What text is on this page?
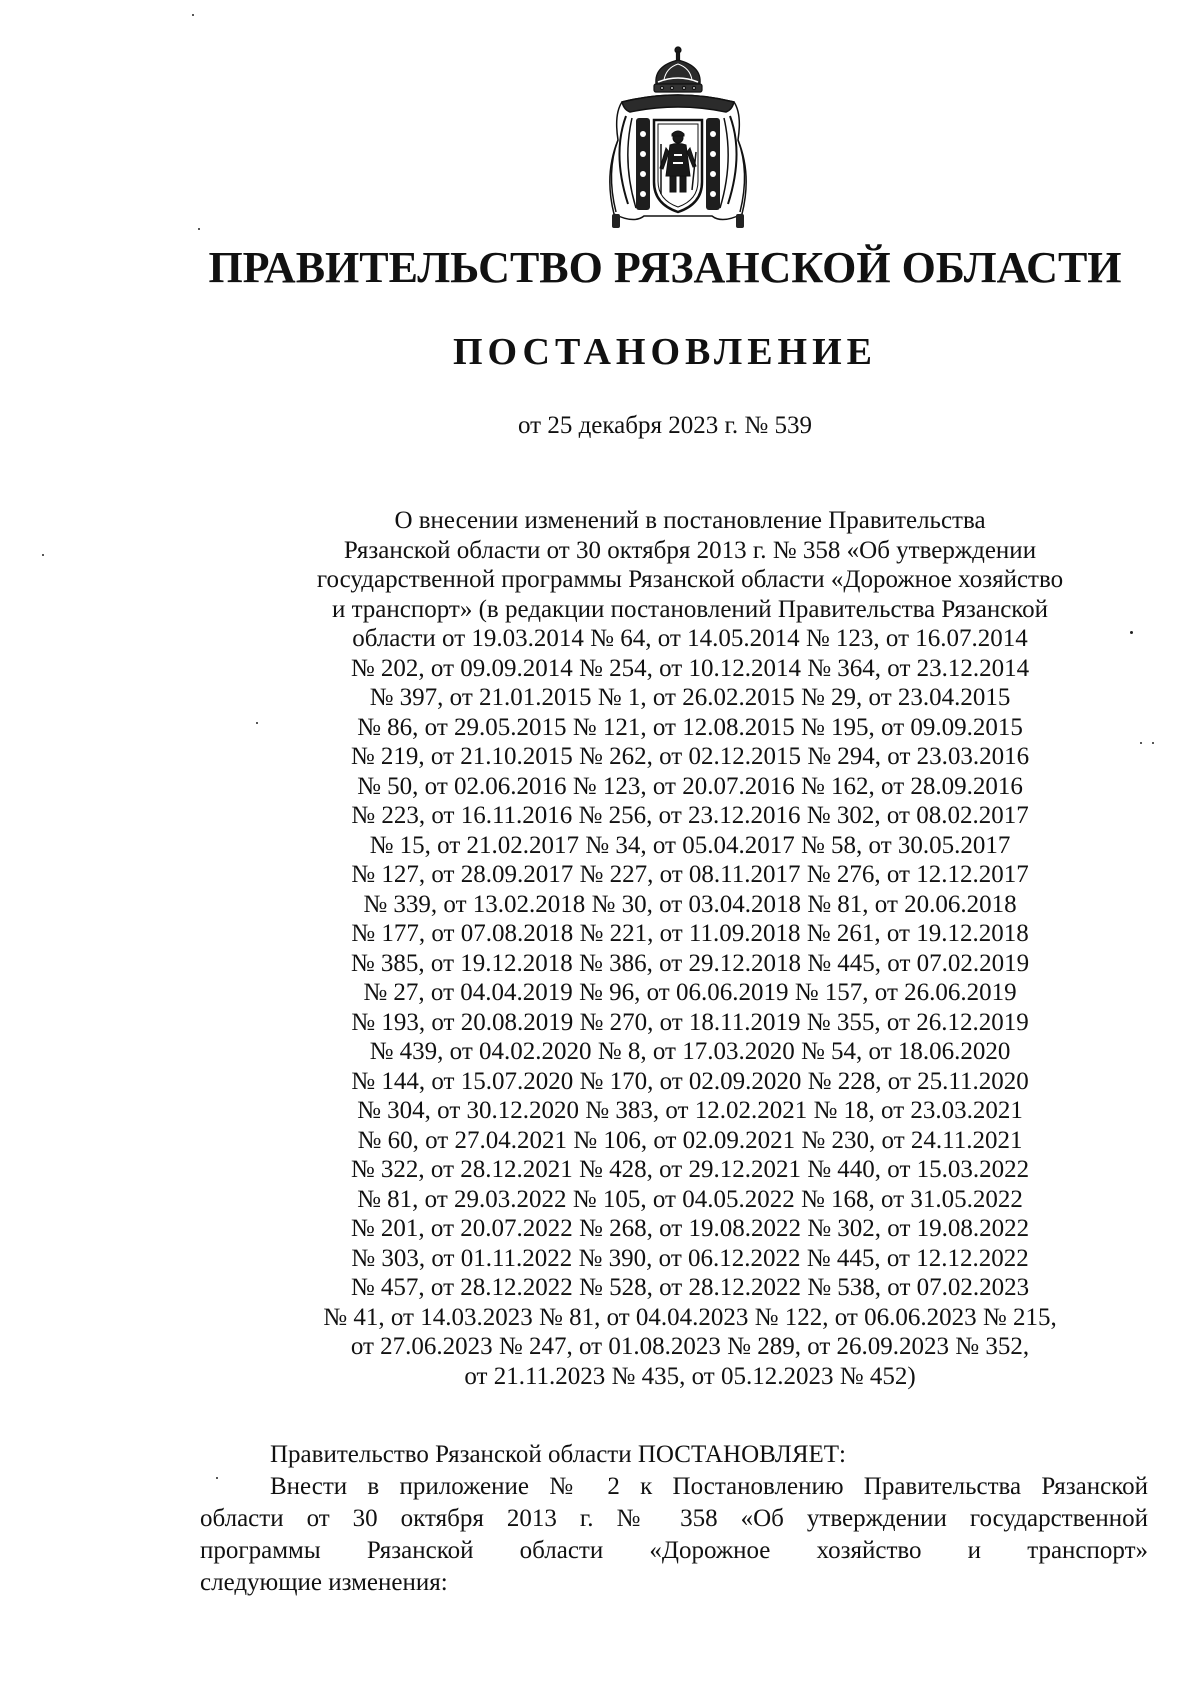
ПРАВИТЕЛЬСТВО РЯЗАНСКОЙ ОБЛАСТИ
ПОСТАНОВЛЕНИЕ
от 25 декабря 2023 г. № 539
О внесении изменений в постановление Правительства
Рязанской области от 30 октября 2013 г. № 358 «Об утверждении
государственной программы Рязанской области «Дорожное хозяйство
и транспорт» (в редакции постановлений Правительства Рязанской
области от 19.03.2014 № 64, от 14.05.2014 № 123, от 16.07.2014
№ 202, от 09.09.2014 № 254, от 10.12.2014 № 364, от 23.12.2014
№ 397, от 21.01.2015 № 1, от 26.02.2015 № 29, от 23.04.2015
№ 86, от 29.05.2015 № 121, от 12.08.2015 № 195, от 09.09.2015
№ 219, от 21.10.2015 № 262, от 02.12.2015 № 294, от 23.03.2016
№ 50, от 02.06.2016 № 123, от 20.07.2016 № 162, от 28.09.2016
№ 223, от 16.11.2016 № 256, от 23.12.2016 № 302, от 08.02.2017
№ 15, от 21.02.2017 № 34, от 05.04.2017 № 58, от 30.05.2017
№ 127, от 28.09.2017 № 227, от 08.11.2017 № 276, от 12.12.2017
№ 339, от 13.02.2018 № 30, от 03.04.2018 № 81, от 20.06.2018
№ 177, от 07.08.2018 № 221, от 11.09.2018 № 261, от 19.12.2018
№ 385, от 19.12.2018 № 386, от 29.12.2018 № 445, от 07.02.2019
№ 27, от 04.04.2019 № 96, от 06.06.2019 № 157, от 26.06.2019
№ 193, от 20.08.2019 № 270, от 18.11.2019 № 355, от 26.12.2019
№ 439, от 04.02.2020 № 8, от 17.03.2020 № 54, от 18.06.2020
№ 144, от 15.07.2020 № 170, от 02.09.2020 № 228, от 25.11.2020
№ 304, от 30.12.2020 № 383, от 12.02.2021 № 18, от 23.03.2021
№ 60, от 27.04.2021 № 106, от 02.09.2021 № 230, от 24.11.2021
№ 322, от 28.12.2021 № 428, от 29.12.2021 № 440, от 15.03.2022
№ 81, от 29.03.2022 № 105, от 04.05.2022 № 168, от 31.05.2022
№ 201, от 20.07.2022 № 268, от 19.08.2022 № 302, от 19.08.2022
№ 303, от 01.11.2022 № 390, от 06.12.2022 № 445, от 12.12.2022
№ 457, от 28.12.2022 № 528, от 28.12.2022 № 538, от 07.02.2023
№ 41, от 14.03.2023 № 81, от 04.04.2023 № 122, от 06.06.2023 № 215,
от 27.06.2023 № 247, от 01.08.2023 № 289, от 26.09.2023 № 352,
от 21.11.2023 № 435, от 05.12.2023 № 452)
Правительство Рязанской области ПОСТАНОВЛЯЕТ:
Внести в приложение № 2 к Постановлению Правительства Рязанской
области от 30 октября 2013 г. № 358 «Об утверждении государственной
программы Рязанской области «Дорожное хозяйство и транспорт»
следующие изменения:
